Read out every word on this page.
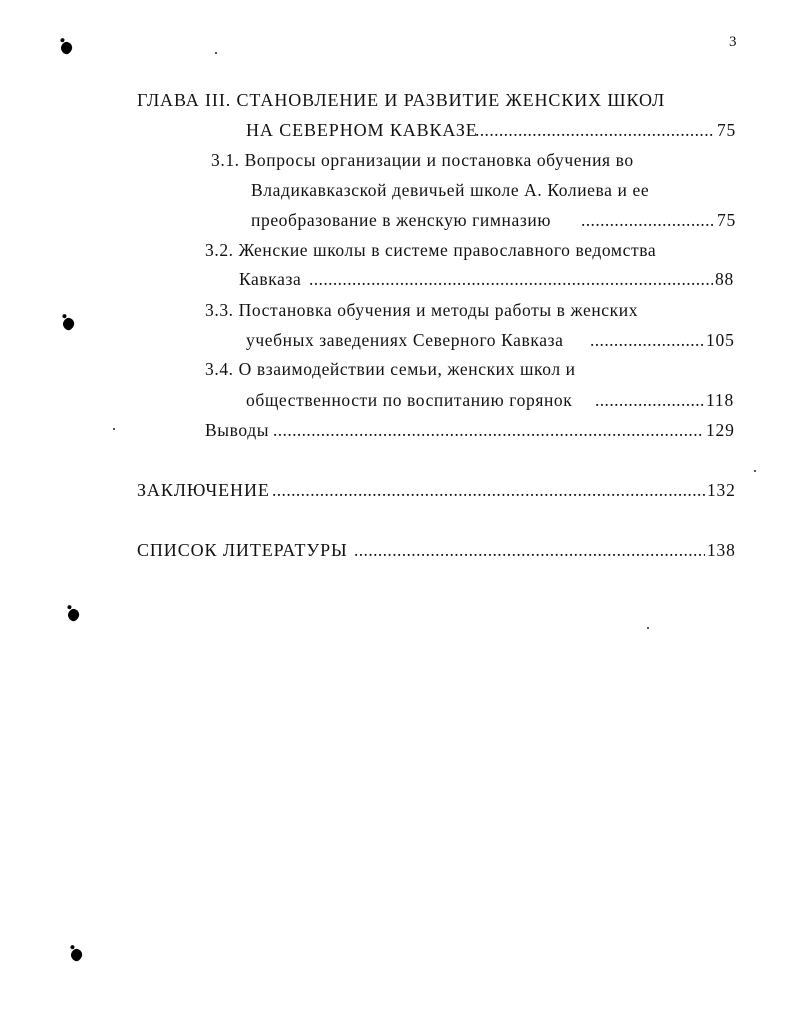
3
ГЛАВА III. СТАНОВЛЕНИЕ И РАЗВИТИЕ ЖЕНСКИХ ШКОЛ
НА СЕВЕРНОМ КАВКАЗЕ .....	75
3.1. Вопросы организации и постановка обучения во
Владикавказской девичьей школе А. Колиева и ее
преобразование в женскую гимназию .....	75
3.2. Женские школы в системе православного ведомства
Кавказа .....	88
3.3. Постановка обучения и методы работы в женских
учебных заведениях Северного Кавказа .....	105
3.4. О взаимодействии семьи, женских школ и
общественности по воспитанию горянок .....	118
Выводы .....	129
ЗАКЛЮЧЕНИЕ .....	132
СПИСОК ЛИТЕРАТУРЫ .....	138
